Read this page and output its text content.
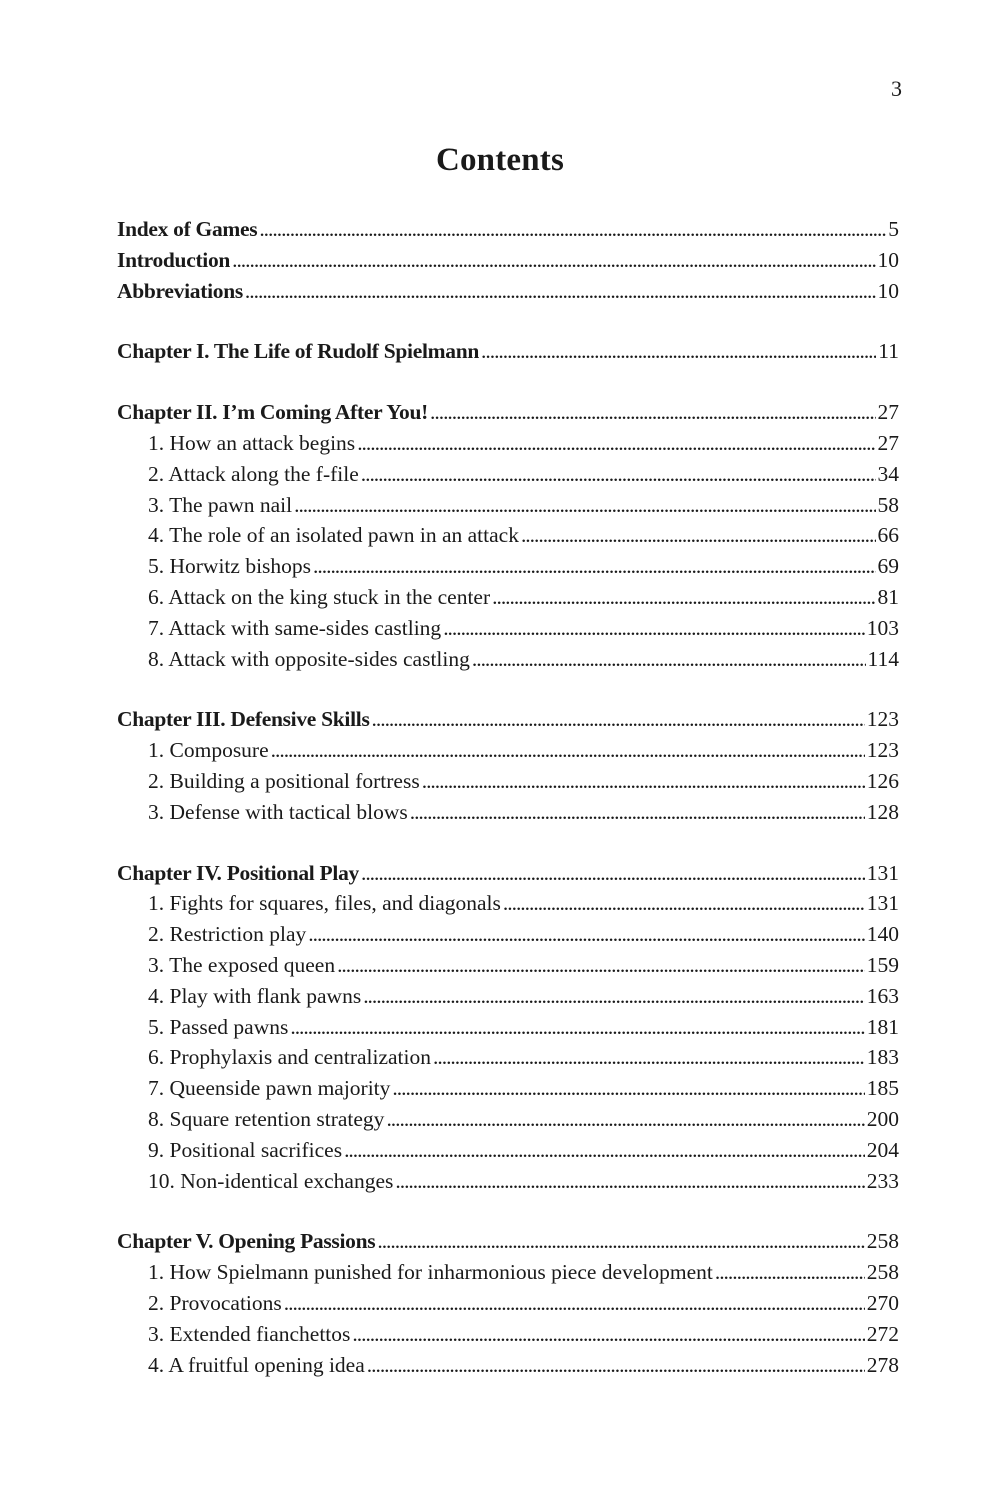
3
Contents
Index of Games . . .	5
Introduction . . .	10
Abbreviations . . .	10
Chapter I. The Life of Rudolf Spielmann . . .	11
Chapter II. I’m Coming After You! . . .	27
1. How an attack begins . . .	27
2. Attack along the f-file . . .	34
3. The pawn nail . . .	58
4. The role of an isolated pawn in an attack . . .	66
5. Horwitz bishops . . .	69
6. Attack on the king stuck in the center . . .	81
7. Attack with same-sides castling . . .	103
8. Attack with opposite-sides castling . . .	114
Chapter III. Defensive Skills . . .	123
1. Composure . . .	123
2. Building a positional fortress . . .	126
3. Defense with tactical blows . . .	128
Chapter IV. Positional Play . . .	131
1. Fights for squares, files, and diagonals . . .	131
2. Restriction play . . .	140
3. The exposed queen . . .	159
4. Play with flank pawns . . .	163
5. Passed pawns . . .	181
6. Prophylaxis and centralization . . .	183
7. Queenside pawn majority . . .	185
8. Square retention strategy . . .	200
9. Positional sacrifices . . .	204
10. Non-identical exchanges . . .	233
Chapter V. Opening Passions . . .	258
1. How Spielmann punished for inharmonious piece development . . .	258
2. Provocations . . .	270
3. Extended fianchettos . . .	272
4. A fruitful opening idea . . .	278
